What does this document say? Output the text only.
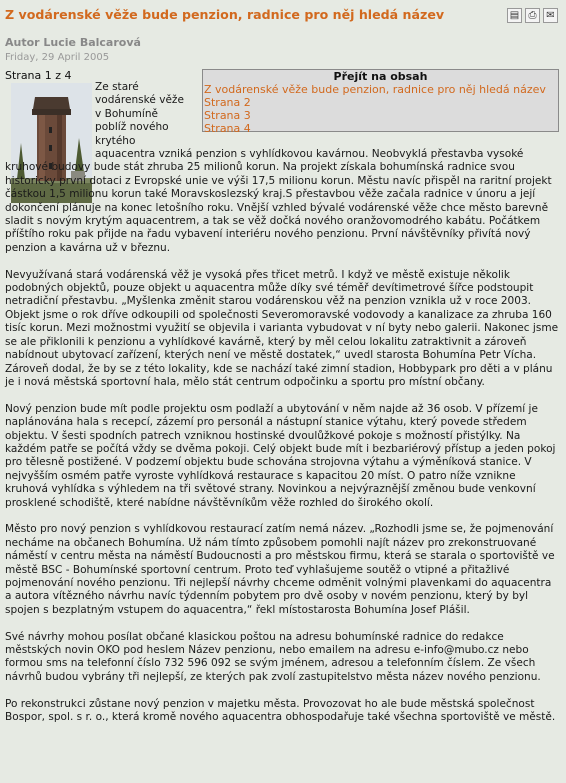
Z vodárenské věže bude penzion, radnice pro něj hledá název	▤ ⎙ ✉
Autor Lucie Balcarová
Friday, 29 April 2005
Strana 1 z 4	Přejít na obsah
Z vodárenské věže bude penzion, radnice pro něj hledá název
Strana 2
Strana 3
Strana 4

Ze staré
vodárenské věže
v Bohumíně
poblíž nového
krytého
aquacentra vzniká penzion s vyhlídkovou kavárnou. Neobvyklá přestavba vysoké kruhové budovy bude stát zhruba 25 milionů korun. Na projekt získala bohumínská radnice svou historicky první dotaci z Evropské unie ve výši 17,5 milionu korun. Městu navíc přispěl na raritní projekt částkou 1,5 milionu korun také Moravskoslezský kraj.S přestavbou věže začala radnice v únoru a její dokončení plánuje na konec letošního roku. Vnější vzhled bývalé vodárenské věže chce město barevně sladit s novým krytým aquacentrem, a tak se věž dočká nového oranžovomodrého kabátu. Počátkem příštího roku pak přijde na řadu vybavení interiéru nového penzionu. První návštěvníky přivítá nový penzion a kavárna už v březnu.

Nevyužívaná stará vodárenská věž je vysoká přes třicet metrů. I když ve městě existuje několik podobných objektů, pouze objekt u aquacentra může díky své téměř devítimetrové šířce podstoupit netradiční přestavbu. „Myšlenka změnit starou vodárenskou věž na penzion vznikla už v roce 2003. Objekt jsme o rok dříve odkoupili od společnosti Severomoravské vodovody a kanalizace za zhruba 160 tisíc korun. Mezi možnostmi využití se objevila i varianta vybudovat v ní byty nebo galerii. Nakonec jsme se ale přiklonili k penzionu a vyhlídkové kavárně, který by měl celou lokalitu zatraktivnit a zároveň nabídnout ubytovací zařízení, kterých není ve městě dostatek,“ uvedl starosta Bohumína Petr Vícha. Zároveň dodal, že by se z této lokality, kde se nachází také zimní stadion, Hobbypark pro děti a v plánu je i nová městská sportovní hala, mělo stát centrum odpočinku a sportu pro místní občany.

Nový penzion bude mít podle projektu osm podlaží a ubytování v něm najde až 36 osob. V přízemí je naplánována hala s recepcí, zázemí pro personál a nástupní stanice výtahu, který povede středem objektu. V šesti spodních patrech vzniknou hostinské dvoulůžkové pokoje s možností přistýlky. Na každém patře se počítá vždy se dvěma pokoji. Celý objekt bude mít i bezbariérový přístup a jeden pokoj pro tělesně postižené. V podzemí objektu bude schována strojovna výtahu a výměníková stanice. V nejvyšším osmém patře vyroste vyhlídková restaurace s kapacitou 20 míst. O patro níže vznikne kruhová vyhlídka s výhledem na tři světové strany. Novinkou a nejvýraznější změnou bude venkovní prosklené schodiště, které nabídne návštěvníkům věže rozhled do širokého okolí.

Město pro nový penzion s vyhlídkovou restaurací zatím nemá název. „Rozhodli jsme se, že pojmenování necháme na občanech Bohumína. Už nám tímto způsobem pomohli najít název pro zrekonstruované náměstí v centru města na náměstí Budoucnosti a pro městskou firmu, která se starala o sportoviště ve městě BSC - Bohumínské sportovní centrum. Proto teď vyhlašujeme soutěž o vtipné a přitažlivé pojmenování nového penzionu. Tři nejlepší návrhy chceme odměnit volnými plavenkami do aquacentra a autora vítězného návrhu navíc týdenním pobytem pro dvě osoby v novém penzionu, který by byl spojen s bezplatným vstupem do aquacentra,“ řekl místostarosta Bohumína Josef Plášil.

Své návrhy mohou posílat občané klasickou poštou na adresu bohumínské radnice do redakce městských novin OKO pod heslem Název penzionu, nebo emailem na adresu e-info@mubo.cz nebo formou sms na telefonní číslo 732 596 092 se svým jménem, adresou a telefonním číslem. Ze všech návrhů budou vybrány tři nejlepší, ze kterých pak zvolí zastupitelstvo města název nového penzionu.

Po rekonstrukci zůstane nový penzion v majetku města. Provozovat ho ale bude městská společnost Bospor, spol. s r. o., která kromě nového aquacentra obhospodařuje také všechna sportoviště ve městě.
